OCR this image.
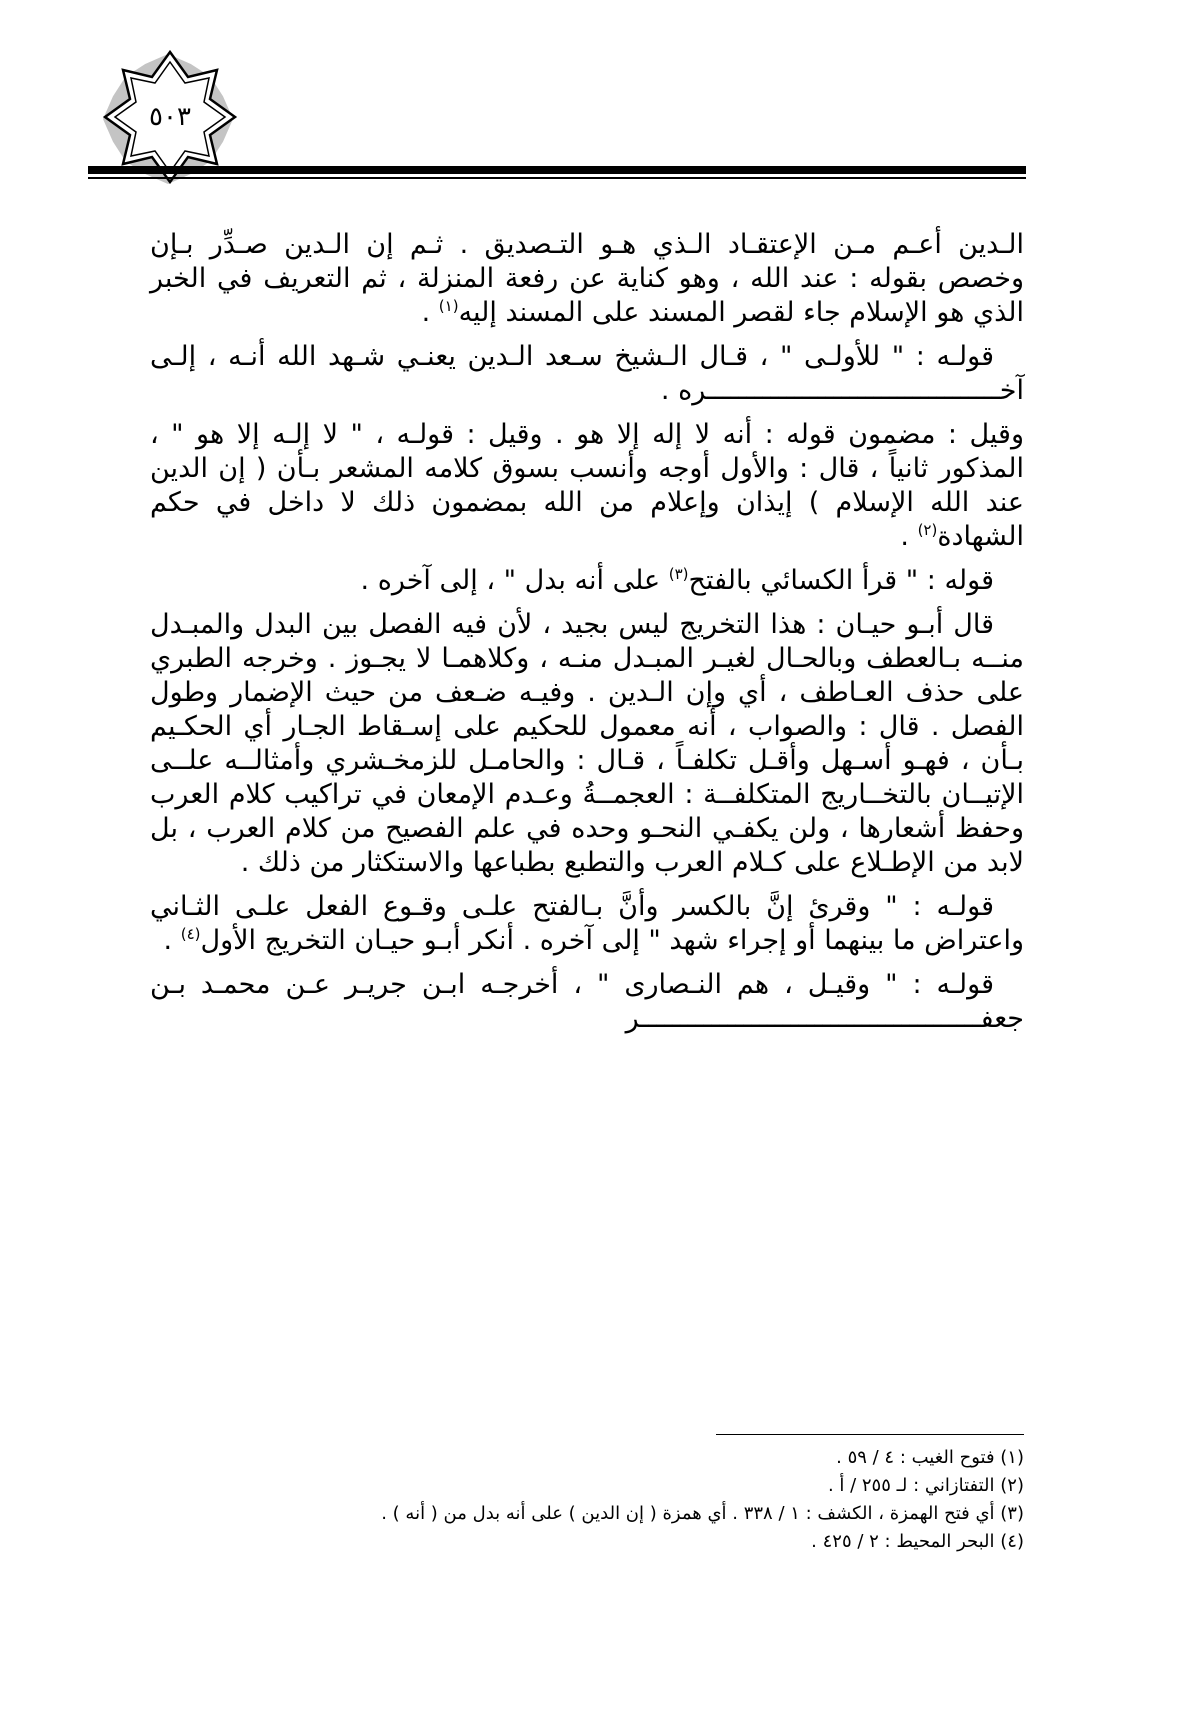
٥٠٣

الـدين أعـم مـن الإعتقـاد الـذي هـو التـصديق . ثـم إن الـدين صـدِّر بـإن وخصص بقوله : عند الله ، وهو كناية عن رفعة المنزلة ، ثم التعريف في الخبر الذي هو الإسلام جاء لقصر المسند على المسند إليه$^{(١)}$ .

قولـه : " للأولـى " ، قـال الـشيخ سـعد الـدين يعنـي شـهد الله أنـه ، إلـى آخـــــــــــــــــــــــــــــــــــــره .

وقيل : مضمون قوله : أنه لا إله إلا هو . وقيل : قولـه ، " لا إلـه إلا هو " ، المذكور ثانياً ، قال : والأول أوجه وأنسب بسوق كلامه المشعر بـأن ( إن الدين عند الله الإسلام ) إيذان وإعلام من الله بمضمون ذلك لا داخل في حكم الشهادة$^{(٢)}$ .

قوله : " قرأ الكسائي بالفتح$^{(٣)}$ على أنه بدل " ، إلى آخره .

قال أبـو حيـان : هذا التخريج ليس بجيد ، لأن فيه الفصل بين البدل والمبـدل منــه بـالعطف وبالحـال لغيـر المبـدل منـه ، وكلاهمـا لا يجـوز . وخرجه الطبري على حذف العـاطف ، أي وإن الـدين . وفيـه ضـعف من حيث الإضمار وطول الفصل . قال : والصواب ، أنه معمول للحكيم على إسـقاط الجـار أي الحكـيم بـأن ، فهـو أسـهل وأقـل تكلفـاً ، قـال : والحامـل للزمخـشري وأمثالــه علــى الإتيــان بالتخــاريج المتكلفــة : العجمــةُ وعـدم الإمعان في تراكيب كلام العرب وحفظ أشعارها ، ولن يكفـي النحـو وحده في علم الفصيح من كلام العرب ، بل لابد من الإطـلاع على كـلام العرب والتطبع بطباعها والاستكثار من ذلك .

قولـه : " وقرئ إنَّ بالكسر وأنَّ بـالفتح علـى وقـوع الفعل علـى الثـاني واعتراض ما بينهما أو إجراء شهد " إلى آخره . أنكر أبـو حيـان التخريج الأول$^{(٤)}$ .

قولـه : " وقيـل ، هم النـصارى " ، أخرجـه ابـن جريـر عـن محمـد بـن جعفـــــــــــــــــــــــــــــــــــــــــــر

(١) فتوح الغيب : ٤ / ٥٩ .
(٢) التفتازاني : لـ ٢٥٥ / أ .
(٣) أي فتح الهمزة ، الكشف : ١ / ٣٣٨ . أي همزة ( إن الدين ) على أنه بدل من ( أنه ) .
(٤) البحر المحيط : ٢ / ٤٢٥ .
